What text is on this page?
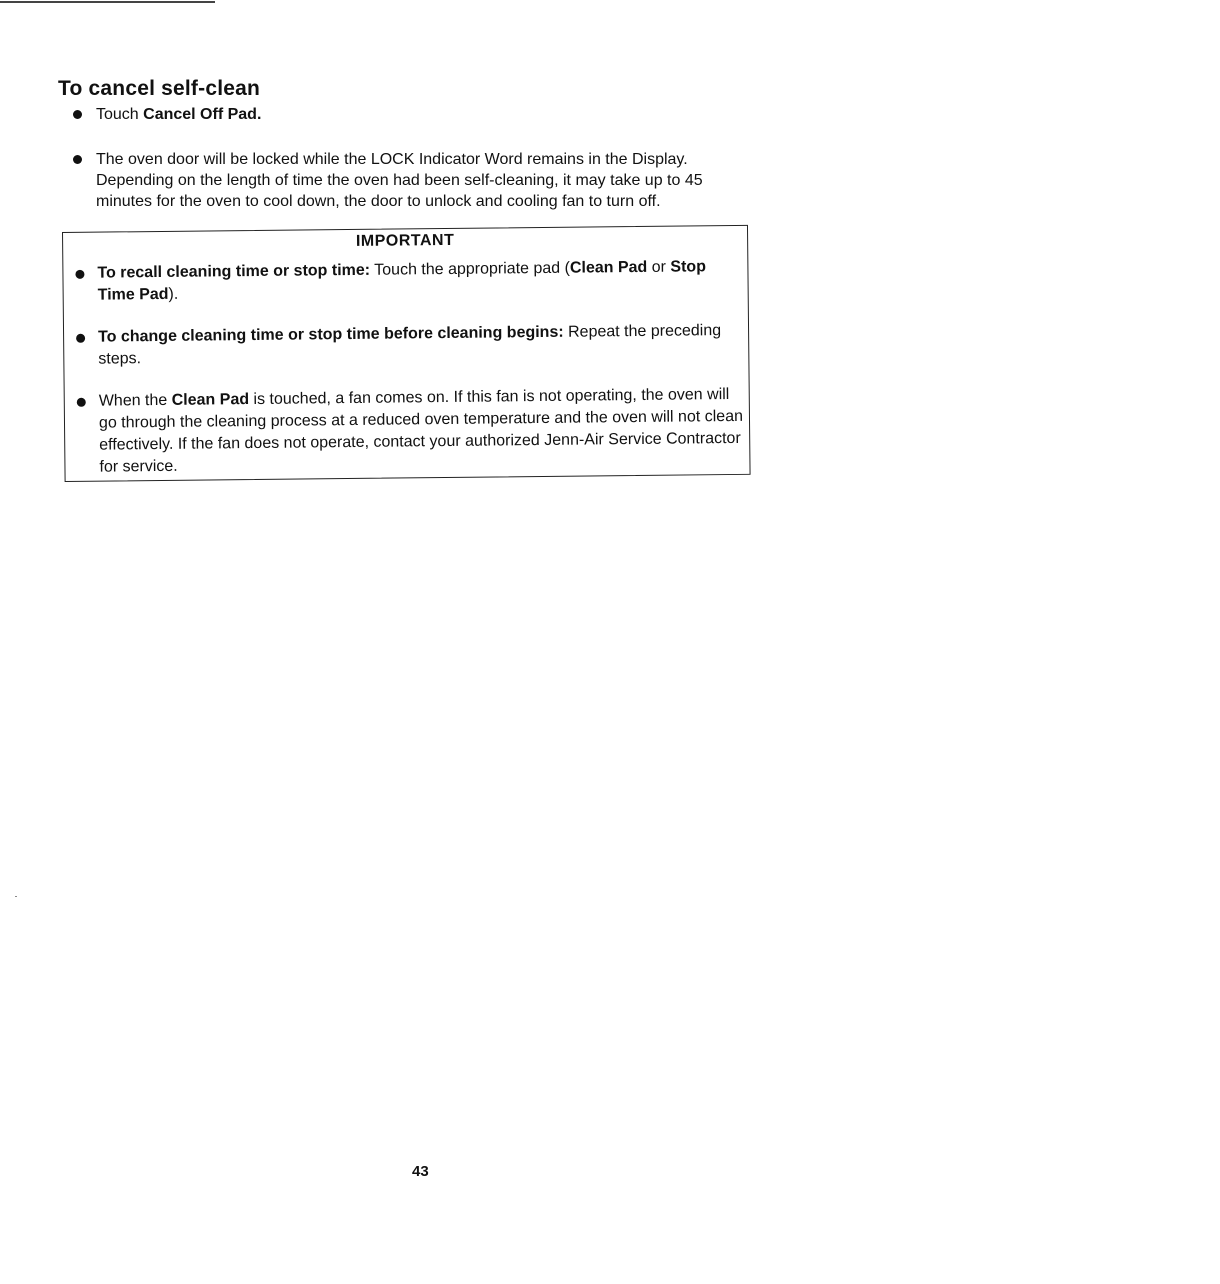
To cancel self-clean
Touch Cancel Off Pad.
The oven door will be locked while the LOCK Indicator Word remains in the Display. Depending on the length of time the oven had been self-cleaning, it may take up to 45 minutes for the oven to cool down, the door to unlock and cooling fan to turn off.
IMPORTANT
To recall cleaning time or stop time: Touch the appropriate pad (Clean Pad or Stop Time Pad).
To change cleaning time or stop time before cleaning begins: Repeat the preceding steps.
When the Clean Pad is touched, a fan comes on. If this fan is not operating, the oven will go through the cleaning process at a reduced oven temperature and the oven will not clean effectively. If the fan does not operate, contact your authorized Jenn-Air Service Contractor for service.
43
